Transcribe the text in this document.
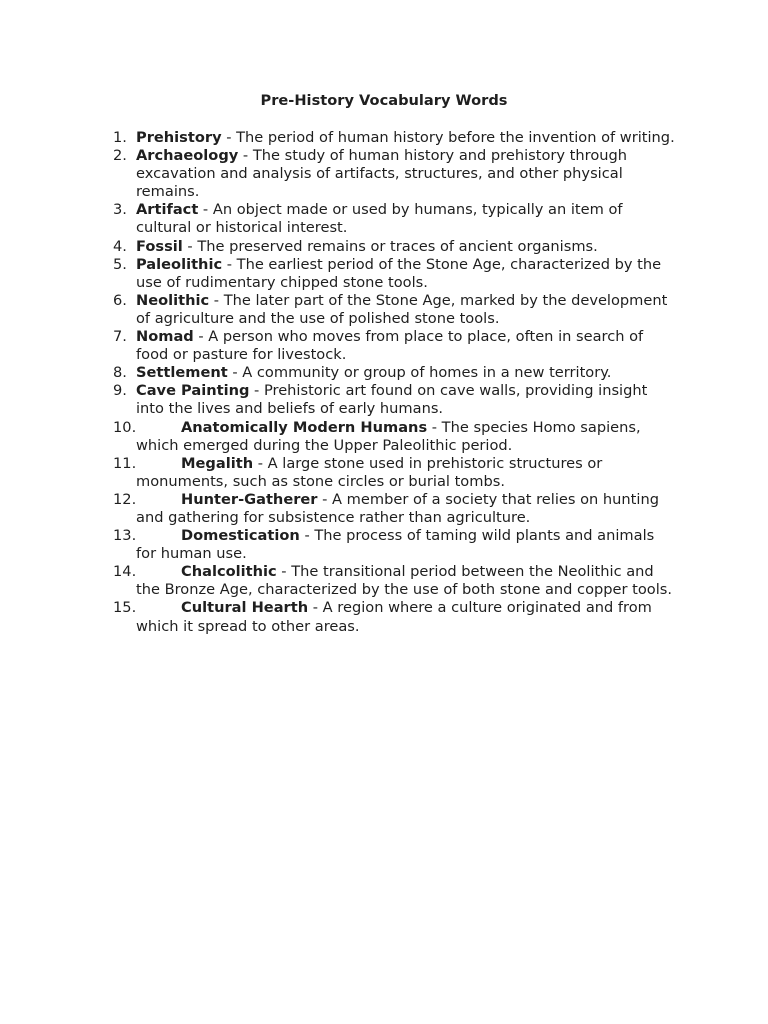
Pre-History Vocabulary Words
1. Prehistory - The period of human history before the invention of writing.
2. Archaeology - The study of human history and prehistory through excavation and analysis of artifacts, structures, and other physical remains.
3. Artifact - An object made or used by humans, typically an item of cultural or historical interest.
4. Fossil - The preserved remains or traces of ancient organisms.
5. Paleolithic - The earliest period of the Stone Age, characterized by the use of rudimentary chipped stone tools.
6. Neolithic - The later part of the Stone Age, marked by the development of agriculture and the use of polished stone tools.
7. Nomad - A person who moves from place to place, often in search of food or pasture for livestock.
8. Settlement - A community or group of homes in a new territory.
9. Cave Painting - Prehistoric art found on cave walls, providing insight into the lives and beliefs of early humans.
10.	Anatomically Modern Humans - The species Homo sapiens, which emerged during the Upper Paleolithic period.
11.	Megalith - A large stone used in prehistoric structures or monuments, such as stone circles or burial tombs.
12.	Hunter-Gatherer - A member of a society that relies on hunting and gathering for subsistence rather than agriculture.
13.	Domestication - The process of taming wild plants and animals for human use.
14.	Chalcolithic - The transitional period between the Neolithic and the Bronze Age, characterized by the use of both stone and copper tools.
15.	Cultural Hearth - A region where a culture originated and from which it spread to other areas.
